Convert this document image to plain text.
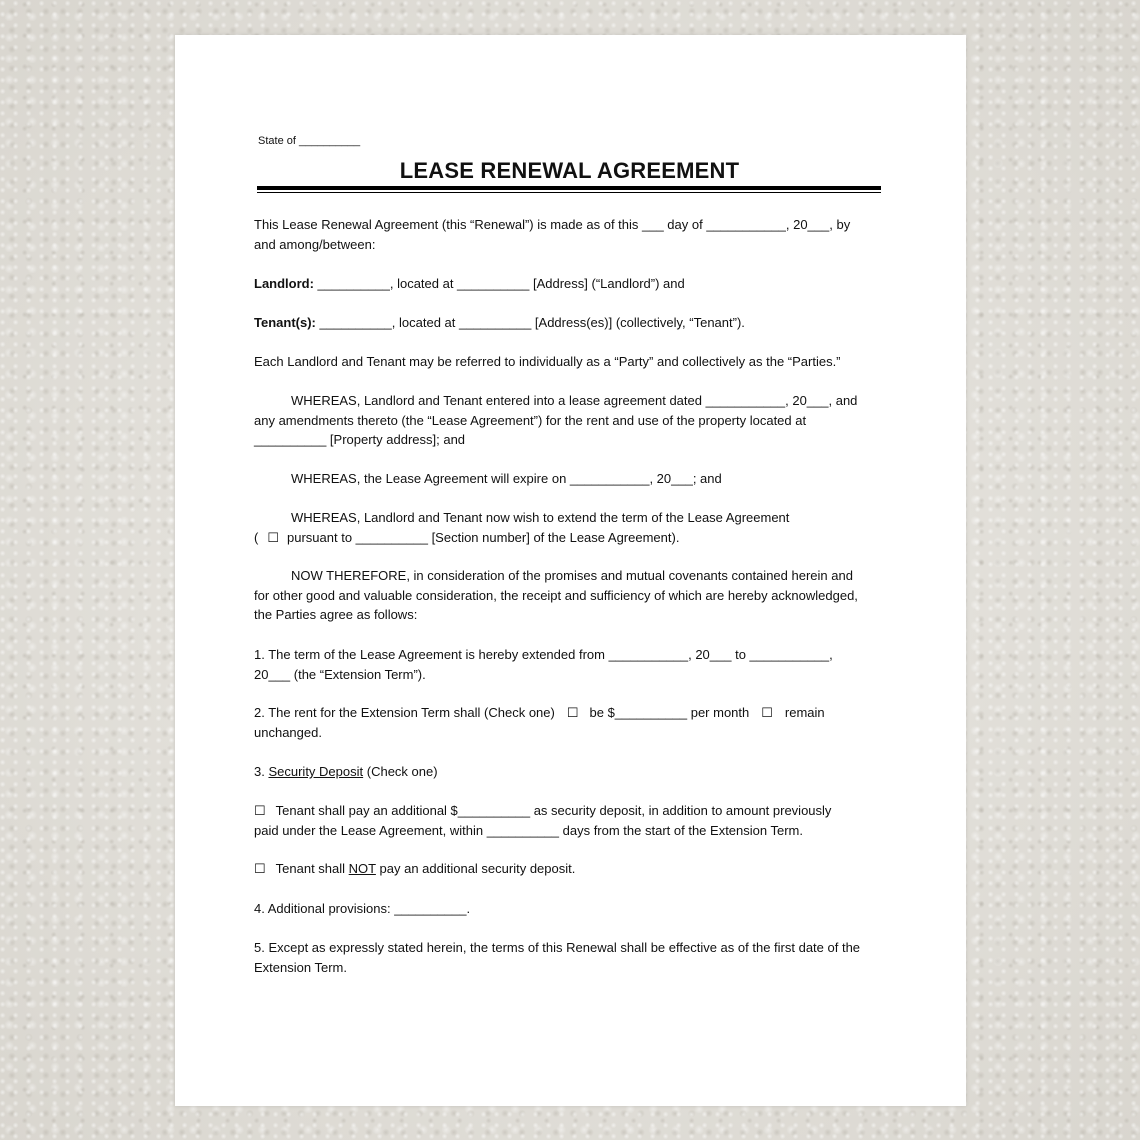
State of __________
LEASE RENEWAL AGREEMENT
This Lease Renewal Agreement (this “Renewal”) is made as of this ___ day of ___________, 20___, by
and among/between:
Landlord: __________, located at __________ [Address] (“Landlord”) and
Tenant(s): __________, located at __________ [Address(es)] (collectively, “Tenant”).
Each Landlord and Tenant may be referred to individually as a “Party” and collectively as the “Parties.”
WHEREAS, Landlord and Tenant entered into a lease agreement dated ___________, 20___, and
any amendments thereto (the “Lease Agreement”) for the rent and use of the property located at
__________ [Property address]; and
WHEREAS, the Lease Agreement will expire on ___________, 20___; and
WHEREAS, Landlord and Tenant now wish to extend the term of the Lease Agreement
( ☐ pursuant to __________ [Section number] of the Lease Agreement).
NOW THEREFORE, in consideration of the promises and mutual covenants contained herein and
for other good and valuable consideration, the receipt and sufficiency of which are hereby acknowledged,
the Parties agree as follows:
1. The term of the Lease Agreement is hereby extended from ___________, 20___ to ___________,
20___ (the “Extension Term”).
2. The rent for the Extension Term shall (Check one) ☐ be $__________ per month ☐ remain
unchanged.
3. Security Deposit (Check one)
☐ Tenant shall pay an additional $__________ as security deposit, in addition to amount previously
paid under the Lease Agreement, within __________ days from the start of the Extension Term.
☐ Tenant shall NOT pay an additional security deposit.
4. Additional provisions: __________.
5. Except as expressly stated herein, the terms of this Renewal shall be effective as of the first date of the
Extension Term.
